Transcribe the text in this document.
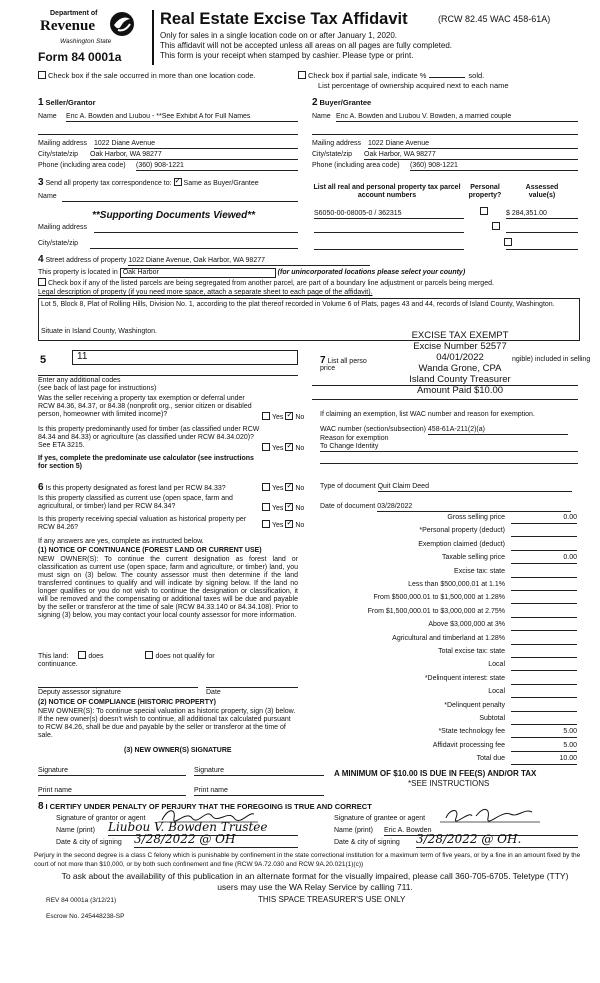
Department of
Revenue
Washington State
Form 84 0001a
Real Estate Excise Tax Affidavit	(RCW 82.45 WAC 458-61A)
Only for sales in a single location code on or after January 1, 2020.
This affidavit will not be accepted unless all areas on all pages are fully completed.
This form is your receipt when stamped by cashier. Please type or print.
Check box if the sale occurred in more than one location code.	Check box if partial sale, indicate %	sold.
List percentage of ownership acquired next to each name
1 Seller/Grantor
Name Eric A. Bowden and Liubou - **See Exhibit A for Full Names
Mailing address 1022 Diane Avenue
City/state/zip Oak Harbor, WA 98277
Phone (including area code) (360) 908-1221
2 Buyer/Grantee
Name Eric A. Bowden and Liubou V. Bowden, a married couple
Mailing address 1022 Diane Avenue
City/state/zip Oak Harbor, WA 98277
Phone (including area code) (360) 908-1221
3 Send all property tax correspondence to: ✓ Same as Buyer/Grantee
Name
**Supporting Documents Viewed**
Mailing address
City/state/zip
List all real and personal property tax parcel account numbers
Personal property?
Assessed value(s)
S6050-00-08005-0 / 362315
	$ 284,351.00

4 Street address of property 1022 Diane Avenue, Oak Harbor, WA 98277
This property is located in Oak Harbor	(for unincorporated locations please select your county)
Check box if any of the listed parcels are being segregated from another parcel, are part of a boundary line adjustment or parcels being merged.
Legal description of property (if you need more space, attach a separate sheet to each page of the affidavit).
Lot 5, Block 8, Plat of Rolling Hills, Division No. 1, according to the plat thereof recorded in Volume 6 of Plats, pages 43 and 44, records of Island County, Washington.
Situate in Island County, Washington.	EXCISE TAX EXEMPT
Excise Number 52577
04/01/2022
Wanda Grone, CPA
Island County Treasurer
Amount Paid $10.00
5	11
Enter any additional codes
(see back of last page for instructions)
Was the seller receiving a property tax exemption or deferral under RCW 84.36, 84.37, or 84.38 (nonprofit org., senior citizen or disabled person, homeowner with limited income)?	Yes ✓ No
Is this property predominantly used for timber (as classified under RCW 84.34 and 84.33) or agriculture (as classified under RCW 84.34.020)? See ETA 3215.	Yes ✓ No
If yes, complete the predominate use calculator (see instructions for section 5)
7 List all perso	ngible) included in selling
price
If claiming an exemption, list WAC number and reason for exemption.
WAC number (section/subsection) 458-61A-211(2)(a)
Reason for exemption
To Change Identity
Type of document Quit Claim Deed
Date of document 03/28/2022
6 Is this property designated as forest land per RCW 84.33?	Yes ✓ No
Is this property classified as current use (open space, farm and agricultural, or timber) land per RCW 84.34?	Yes ✓ No
Is this property receiving special valuation as historical property per RCW 84.26?	Yes ✓ No
If any answers are yes, complete as instructed below.
(1) NOTICE OF CONTINUANCE (FOREST LAND OR CURRENT USE)
NEW OWNER(S): To continue the current designation as forest land or classification as current use (open space, farm and agriculture, or timber) land, you must sign on (3) below. The county assessor must then determine if the land transferred continues to qualify and will indicate by signing below. If the land no longer qualifies or you do not wish to continue the designation or classification, it will be removed and the compensating or additional taxes will be due and payable by the seller or transferor at the time of sale (RCW 84.33.140 or 84.34.108). Prior to signing (3) below, you may contact your local county assessor for more information.
This land:	does	does not qualify for
continuance.
Deputy assessor signature	Date
(2) NOTICE OF COMPLIANCE (HISTORIC PROPERTY)
NEW OWNER(S): To continue special valuation as historic property, sign (3) below. If the new owner(s) doesn't wish to continue, all additional tax calculated pursuant to RCW 84.26, shall be due and payable by the seller or transferor at the time of sale.
(3) NEW OWNER(S) SIGNATURE
Signature	Signature
Print name	Print name
Gross selling price	0.00
*Personal property (deduct)
Exemption claimed (deduct)
Taxable selling price	0.00
Excise tax: state
Less than $500,000.01 at 1.1%
From $500,000.01 to $1,500,000 at 1.28%
From $1,500,000.01 to $3,000,000 at 2.75%
Above $3,000,000 at 3%
Agricultural and timberland at 1.28%
Total excise tax: state
Local
*Delinquent interest: state
Local
*Delinquent penalty
Subtotal
*State technology fee	5.00
Affidavit processing fee	5.00
Total due	10.00
A MINIMUM OF $10.00 IS DUE IN FEE(S) AND/OR TAX
*SEE INSTRUCTIONS
8 I CERTIFY UNDER PENALTY OF PERJURY THAT THE FOREGOING IS TRUE AND CORRECT
Signature of grantor or agent
Name (print) Liubou V. Bowden Trustee
Date & city of signing 3/28/2022 @ OH
Signature of grantee or agent
Name (print) Eric A. Bowden
Date & city of signing 3/28/2022 @ OH.
Perjury in the second degree is a class C felony which is punishable by confinement in the state correctional institution for a maximum term of five years, or by a fine in an amount fixed by the court of not more than $10,000, or by both such confinement and fine (RCW 9A.72.030 and RCW 9A.20.021(1)(c))
To ask about the availability of this publication in an alternate format for the visually impaired, please call 360-705-6705. Teletype (TTY) users may use the WA Relay Service by calling 711.
REV 84 0001a (3/12/21)	THIS SPACE TREASURER'S USE ONLY
Escrow No. 245448238-SP
